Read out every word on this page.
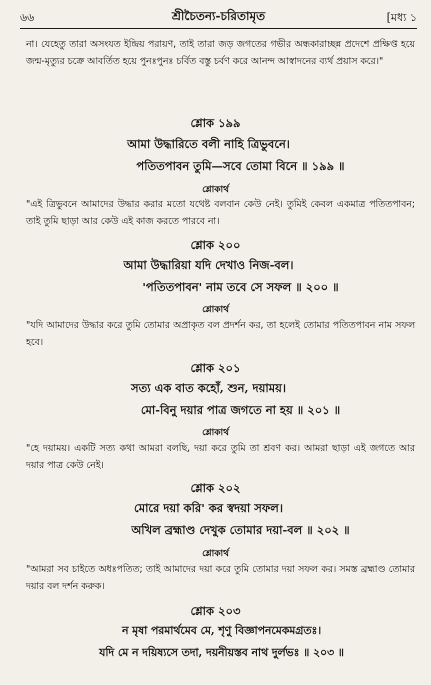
৬৬	শ্রীচৈতন্য-চরিতামৃত	[মধ্য ১

না। যেহেতু তারা অসংযত ইন্দ্রিয় পরায়ণ, তাই তারা জড় জগতের গভীর অন্ধকারাচ্ছন্ন প্রদেশে প্রক্ষিপ্ত হয়ে জন্ম-মৃত্যুর চক্রে আবর্তিত হয়ে পুনঃপুনঃ চর্বিত বস্তু চর্বণ করে আনন্দ আস্বাদনের ব্যর্থ প্রয়াস করে।"

শ্লোক ১৯৯
আমা উদ্ধারিতে বলী নাহি ত্রিভুবনে।
পতিতপাবন তুমি—সবে তোমা বিনে ॥ ১৯৯ ॥
শ্লোকার্থ

"এই ত্রিভুবনে আমাদের উদ্ধার করার মতো যথেষ্ট বলবান কেউ নেই। তুমিই কেবল একমাত্র পতিতপাবন; তাই তুমি ছাড়া আর কেউ এই কাজ করতে পারবে না।

শ্লোক ২০০
আমা উদ্ধারিয়া যদি দেখাও নিজ-বল।
'পতিতপাবন' নাম তবে সে সফল ॥ ২০০ ॥
শ্লোকার্থ

"যদি আমাদের উদ্ধার করে তুমি তোমার অপ্রাকৃত বল প্রদর্শন কর, তা হলেই তোমার পতিতপাবন নাম সফল হবে।

শ্লোক ২০১
সত্য এক বাত কহোঁ, শুন, দয়াময়।
মো-বিনু দয়ার পাত্র জগতে না হয় ॥ ২০১ ॥
শ্লোকার্থ

"হে দয়াময়। একটি সত্য কথা আমরা বলছি, দয়া করে তুমি তা শ্রবণ কর। আমরা ছাড়া এই জগতে আর দয়ার পাত্র কেউ নেই।

শ্লোক ২০২
মোরে দয়া করি' কর স্বদয়া সফল।
অখিল ব্রহ্মাণ্ড দেখুক তোমার দয়া-বল ॥ ২০২ ॥
শ্লোকার্থ

"আমরা সব চাইতে অধঃপতিত; তাই আমাদের দয়া করে তুমি তোমার দয়া সফল কর। সমস্ত ব্রহ্মাণ্ড তোমার দয়ার বল দর্শন করুক।

শ্লোক ২০৩
ন মৃষা পরমার্থমেব মে, শৃণু বিজ্ঞাপনমেকমগ্রতঃ।
যদি মে ন দয়িষ্যসে তদা, দয়নীয়স্তব নাথ দুর্লভঃ ॥ ২০৩ ॥
